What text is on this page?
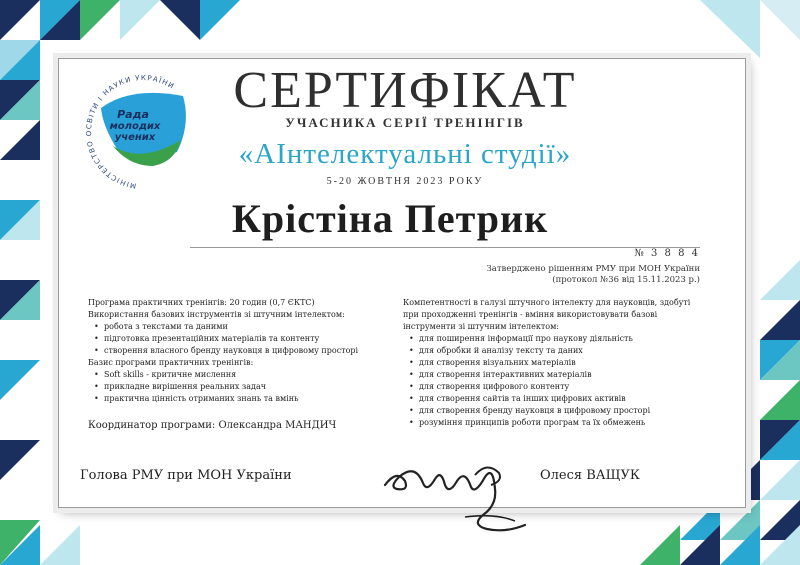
МІНІСТЕРСТВО ОСВІТИ І НАУКИ УКРАЇНИ
Рада
молодих
учених
СЕРТИФІКАТ
УЧАСНИКА СЕРІЇ ТРЕНІНГІВ
«АІнтелектуальні студії»
5-20 ЖОВТНЯ 2023 РОКУ
Крістіна Петрик
№ 3 8 8 4
Затверджено рішенням РМУ при МОН України
(протокол №36 від 15.11.2023 р.)
Програма практичних тренінгів: 20 годин (0,7 ЄКТС)
Використання базових інструментів зі штучним інтелектом:
• робота з текстами та даними
• підготовка презентаційних матеріалів та контенту
• створення власного бренду науковця в цифровому просторі
Базис програми практичних тренінгів:
• Soft skills - критичне мислення
• прикладне вирішення реальних задач
• практична цінність отриманих знань та вмінь
Компетентності в галузі штучного інтелекту для науковців, здобуті при проходженні тренінгів - вміння використовувати базові інструменти зі штучним інтелектом:
• для поширення інформації про наукову діяльність
• для обробки й аналізу тексту та даних
• для створення візуальних матеріалів
• для створення інтерактивних матеріалів
• для створення цифрового контенту
• для створення сайтів та інших цифрових активів
• для створення бренду науковця в цифровому просторі
• розуміння принципів роботи програм та їх обмежень
Координатор програми: Олександра МАНДИЧ
Голова РМУ при МОН України	Олеся ВАЩУК
